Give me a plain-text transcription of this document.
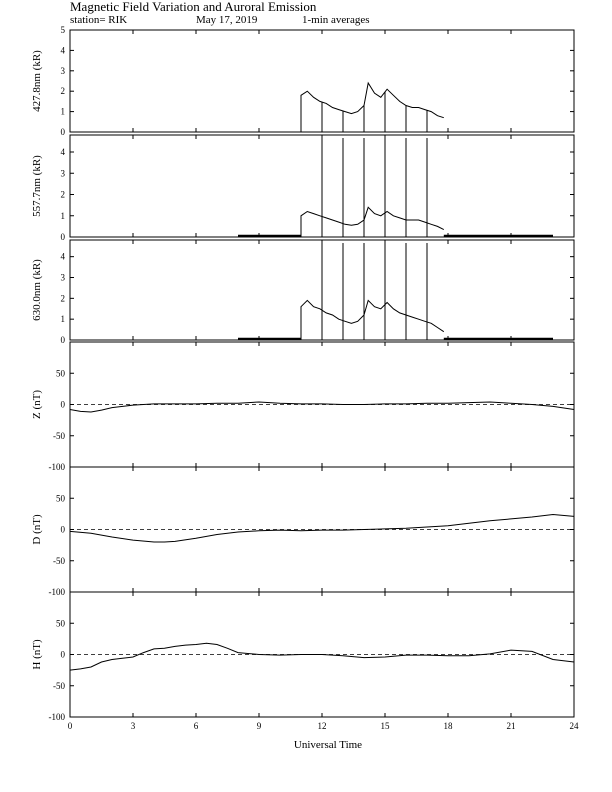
Magnetic Field Variation and Auroral Emission
station= RIK	May 17, 2019	1-min averages
0
1
2
3
4
5
427.8nm (kR)
0
1
2
3
4
557.7nm (kR)
0
1
2
3
4
630.0nm (kR)
-100
-50
0
50
Z (nT)
-100
-50
0
50
D (nT)
-100
-50
0
50
H (nT)
0	3	6	9	12	15	18	21	24
Universal Time
